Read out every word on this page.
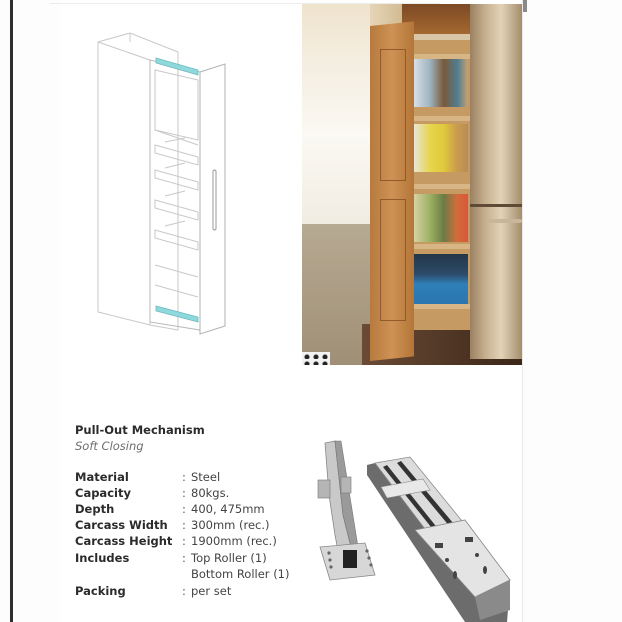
Pull-Out Mechanism
Soft Closing
Material	: Steel
Capacity	: 80kgs.
Depth	: 400, 475mm
Carcass Width : 300mm (rec.)
Carcass Height : 1900mm (rec.)
Includes	: Top Roller (1)
Bottom Roller (1)
Packing	: per set
